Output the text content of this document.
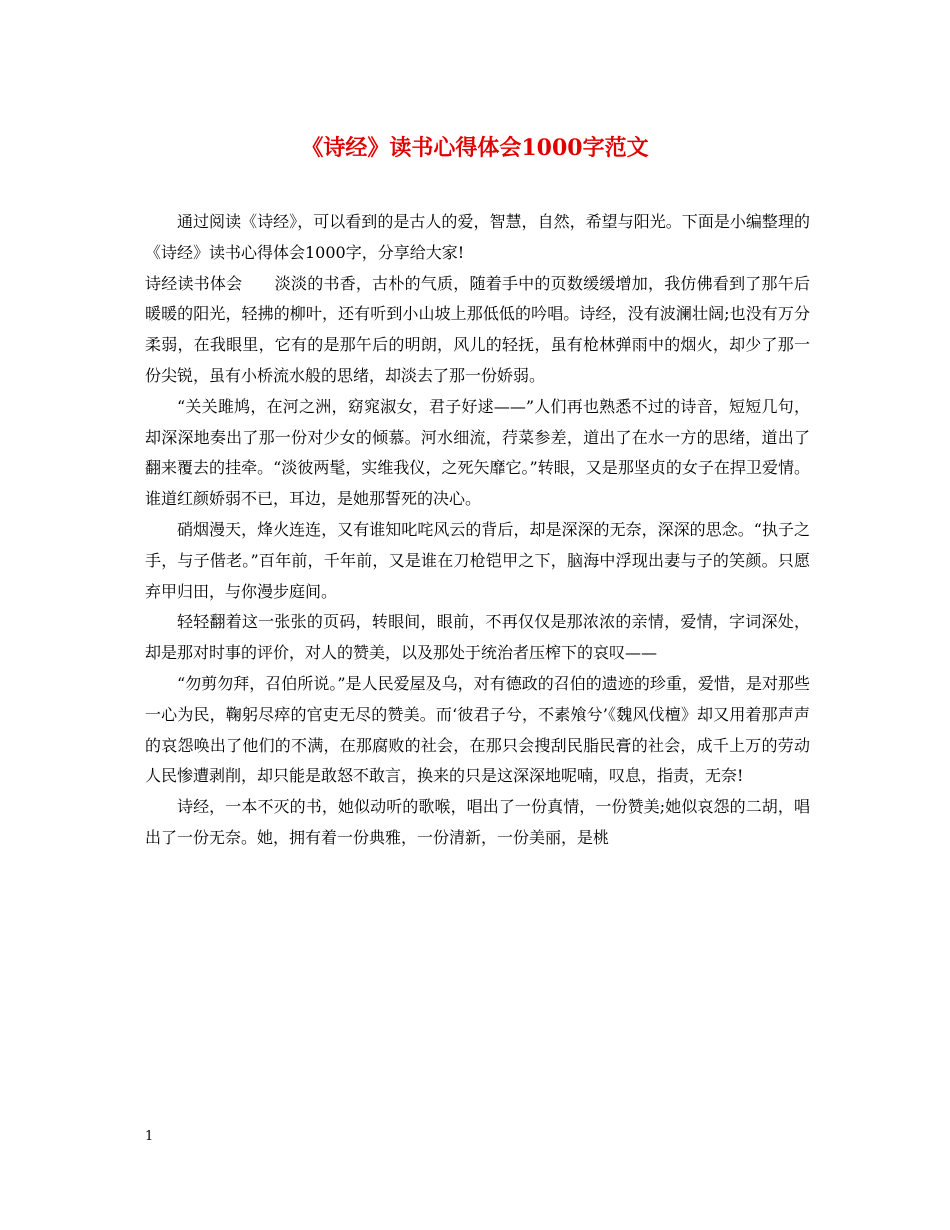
《诗经》读书心得体会1000字范文

通过阅读《诗经》，可以看到的是古人的爱，智慧，自然，希望与阳光。下面是小编整理的《诗经》读书心得体会1000字，分享给大家!

诗经读书体会　　淡淡的书香，古朴的气质，随着手中的页数缓缓增加，我仿佛看到了那午后暖暖的阳光，轻拂的柳叶，还有听到小山坡上那低低的吟唱。诗经，没有波澜壮阔;也没有万分柔弱，在我眼里，它有的是那午后的明朗，风儿的轻抚，虽有枪林弹雨中的烟火，却少了那一份尖锐，虽有小桥流水般的思绪，却淡去了那一份娇弱。

“关关雎鸠，在河之洲，窈窕淑女，君子好逑——”人们再也熟悉不过的诗音，短短几句，却深深地奏出了那一份对少女的倾慕。河水细流，荇菜参差，道出了在水一方的思绪，道出了翻来覆去的挂牵。“淡彼两髦，实维我仪，之死矢靡它。”转眼，又是那坚贞的女子在捍卫爱情。谁道红颜娇弱不已，耳边，是她那誓死的决心。

硝烟漫天，烽火连连，又有谁知叱咤风云的背后，却是深深的无奈，深深的思念。“执子之手，与子偕老。”百年前，千年前，又是谁在刀枪铠甲之下，脑海中浮现出妻与子的笑颜。只愿弃甲归田，与你漫步庭间。

轻轻翻着这一张张的页码，转眼间，眼前，不再仅仅是那浓浓的亲情，爱情，字词深处，却是那对时事的评价，对人的赞美，以及那处于统治者压榨下的哀叹——

“勿剪勿拜，召伯所说。”是人民爱屋及乌，对有德政的召伯的遗迹的珍重，爱惜，是对那些一心为民，鞠躬尽瘁的官吏无尽的赞美。而‘彼君子兮，不素飧兮’《魏风伐檀》却又用着那声声的哀怨唤出了他们的不满，在那腐败的社会，在那只会搜刮民脂民膏的社会，成千上万的劳动人民惨遭剥削，却只能是敢怒不敢言，换来的只是这深深地呢喃，叹息，指责，无奈!

诗经，一本不灭的书，她似动听的歌喉，唱出了一份真情，一份赞美;她似哀怨的二胡，唱出了一份无奈。她，拥有着一份典雅，一份清新，一份美丽，是桃

1
